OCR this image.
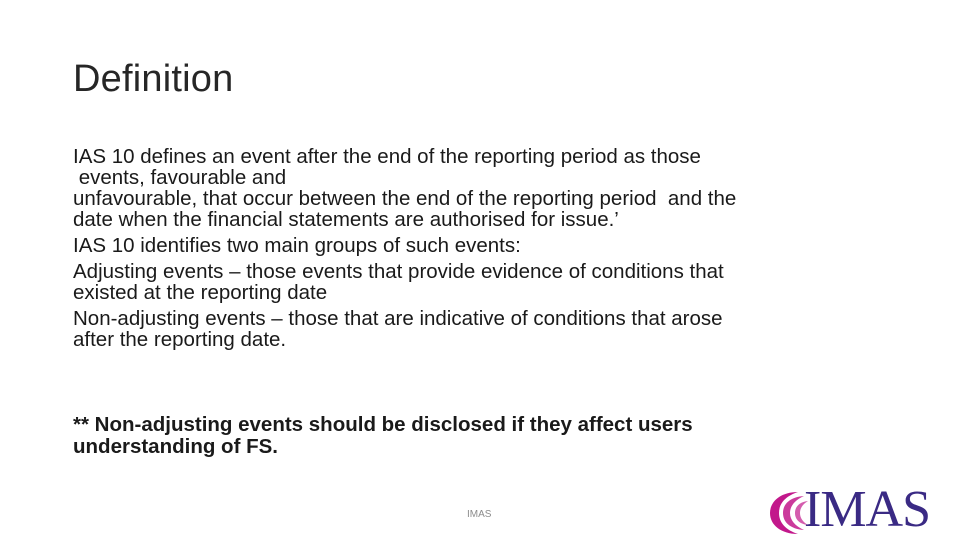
Definition
IAS 10 defines an event after the end of the reporting period as those
events, favourable and
unfavourable, that occur between the end of the reporting period  and the
date when the financial statements are authorised for issue.’
IAS 10 identifies two main groups of such events:
Adjusting events – those events that provide evidence of conditions that
existed at the reporting date
Non-adjusting events – those that are indicative of conditions that arose
after the reporting date.
** Non-adjusting events should be disclosed if they affect users
understanding of FS.
IMAS	IMAS
